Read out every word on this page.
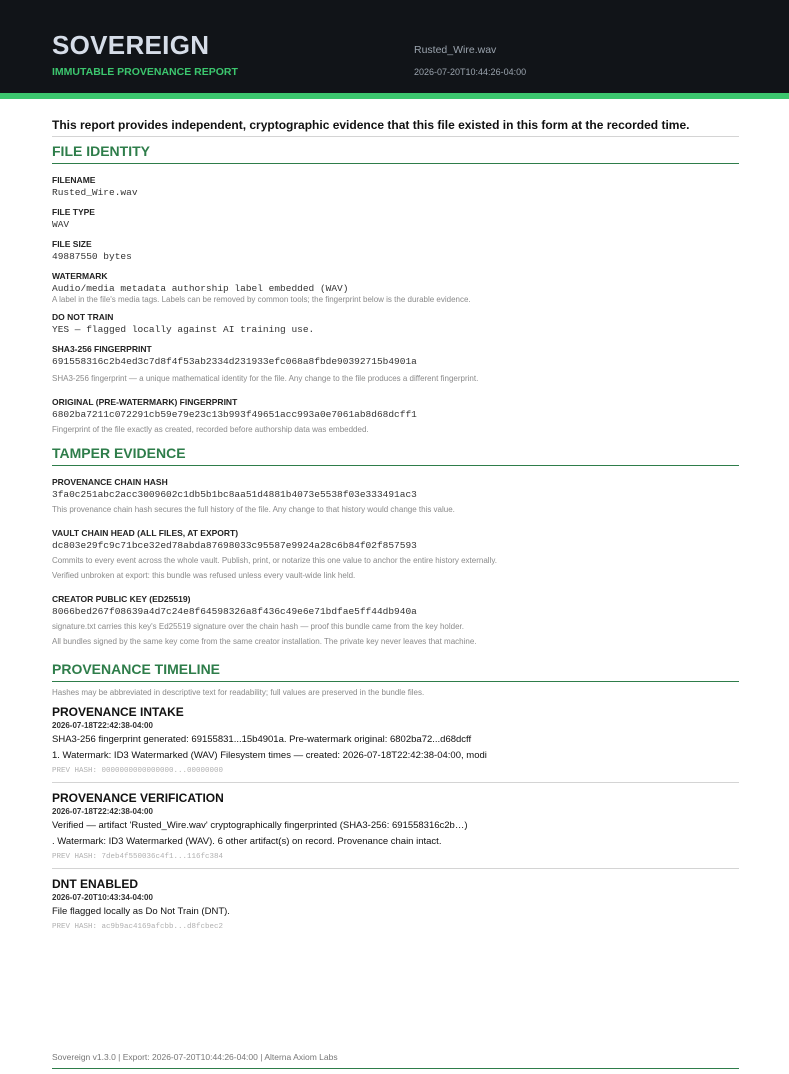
SOVEREIGN
IMMUTABLE PROVENANCE REPORT
Rusted_Wire.wav
2026-07-20T10:44:26-04:00
This report provides independent, cryptographic evidence that this file existed in this form at the recorded time.
FILE IDENTITY
FILENAME
Rusted_Wire.wav
FILE TYPE
WAV
FILE SIZE
49887550 bytes
WATERMARK
Audio/media metadata authorship label embedded (WAV)
A label in the file's media tags. Labels can be removed by common tools; the fingerprint below is the durable evidence.
DO NOT TRAIN
YES — flagged locally against AI training use.
SHA3-256 FINGERPRINT
691558316c2b4ed3c7d8f4f53ab2334d231933efc068a8fbde90392715b4901a
SHA3-256 fingerprint — a unique mathematical identity for the file. Any change to the file produces a different fingerprint.
ORIGINAL (PRE-WATERMARK) FINGERPRINT
6802ba7211c072291cb59e79e23c13b993f49651acc993a0e7061ab8d68dcff1
Fingerprint of the file exactly as created, recorded before authorship data was embedded.
TAMPER EVIDENCE
PROVENANCE CHAIN HASH
3fa0c251abc2acc3009602c1db5b1bc8aa51d4881b4073e5538f03e333491ac3
This provenance chain hash secures the full history of the file. Any change to that history would change this value.
VAULT CHAIN HEAD (ALL FILES, AT EXPORT)
dc803e29fc9c71bce32ed78abda87698033c95587e9924a28c6b84f02f857593
Commits to every event across the whole vault. Publish, print, or notarize this one value to anchor the entire history externally.
Verified unbroken at export: this bundle was refused unless every vault-wide link held.
CREATOR PUBLIC KEY (ED25519)
8066bed267f08639a4d7c24e8f64598326a8f436c49e6e71bdfae5ff44db940a
signature.txt carries this key's Ed25519 signature over the chain hash — proof this bundle came from the key holder.
All bundles signed by the same key come from the same creator installation. The private key never leaves that machine.
PROVENANCE TIMELINE
Hashes may be abbreviated in descriptive text for readability; full values are preserved in the bundle files.
PROVENANCE INTAKE
2026-07-18T22:42:38-04:00
SHA3-256 fingerprint generated: 69155831...15b4901a. Pre-watermark original: 6802ba72...d68dcff
1. Watermark: ID3 Watermarked (WAV) Filesystem times — created: 2026-07-18T22:42:38-04:00, modi
PREV HASH: 0000000000000000...00000000
PROVENANCE VERIFICATION
2026-07-18T22:42:38-04:00
Verified — artifact 'Rusted_Wire.wav' cryptographically fingerprinted (SHA3-256: 691558316c2b…)
. Watermark: ID3 Watermarked (WAV). 6 other artifact(s) on record. Provenance chain intact.
PREV HASH: 7deb4f550036c4f1...116fc384
DNT ENABLED
2026-07-20T10:43:34-04:00
File flagged locally as Do Not Train (DNT).
PREV HASH: ac9b9ac4169afcbb...d8fcbec2
Sovereign v1.3.0 | Export: 2026-07-20T10:44:26-04:00 | Alterna Axiom Labs
